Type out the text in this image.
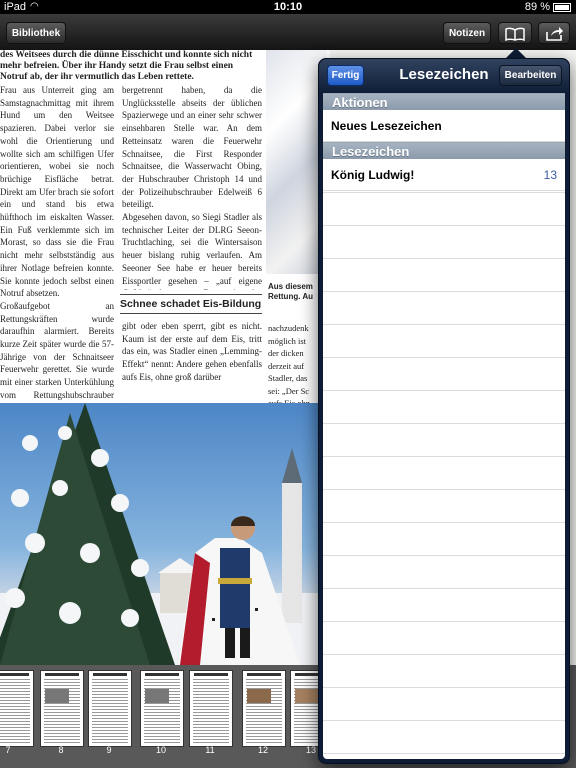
iPad ◠	10:10	89 %
Bibliothek	Notizen
des Weitsees durch die dünne Eisschicht und konnte sich nicht mehr befreien. Über ihr Handy setzt die Frau selbst einen Notruf ab, der ihr vermutlich das Leben rettete.
Frau aus Unterreit ging am Samstagnachmittag mit ihrem Hund um den Weitsee spazieren. Dabei verlor sie wohl die Orientierung und wollte sich am schilfigen Ufer orientieren, wobei sie noch brüchige Eisfläche betrat. Direkt am Ufer brach sie sofort ein und stand bis etwa hüfthoch im eiskalten Wasser. Ein Fuß verklemmte sich im Morast, so dass sie die Frau nicht mehr selbstständig aus ihrer Notlage befreien konnte. Sie konnte jedoch selbst einen Notruf absetzen.
Großaufgebot an Rettungskräften wurde daraufhin alarmiert. Bereits kurze Zeit später wurde die 57-Jährige von der Schnaitseer Feuerwehr gerettet. Sie wurde mit einer starken Unterkühlung vom Rettungshubschrauber
bergetrennt haben, da die Unglücksstelle abseits der üblichen Spazierwege und an einer sehr schwer einsehbaren Stelle war. An dem Retteinsatz waren die Feuerwehr Schnaitsee, die First Responder Schnaitsee, die Wasserwacht Obing, der Hubschrauber Christoph 14 und der Polizeihubschrauber Edelweiß 6 beteiligt.
Abgesehen davon, so Siegi Stadler als technischer Leiter der DLRG Seeon-Truchtlaching, sei die Wintersaison heuer bislang ruhig verlaufen. Am Seeoner See habe er heuer bereits Eissportler gesehen – „auf eigene
Schnee schadet Eis-Bildung
gibt oder eben sperrt, gibt es nicht. Kaum ist der erste auf dem Eis, tritt das ein, was Stadler einen „Lemming-Effekt“ nennt: Andere gehen ebenfalls aufs Eis, ohne groß darüber
Aus diesem Rettung. Au
nachzudenk
möglich ist
der dicken
derzeit auf
Stadler, das
sei: „Der Sc

7	8	9	10	11	12	13
Fertig	Lesezeichen	Bearbeiten
Aktionen
Neues Lesezeichen
Lesezeichen
König Ludwig!	13
